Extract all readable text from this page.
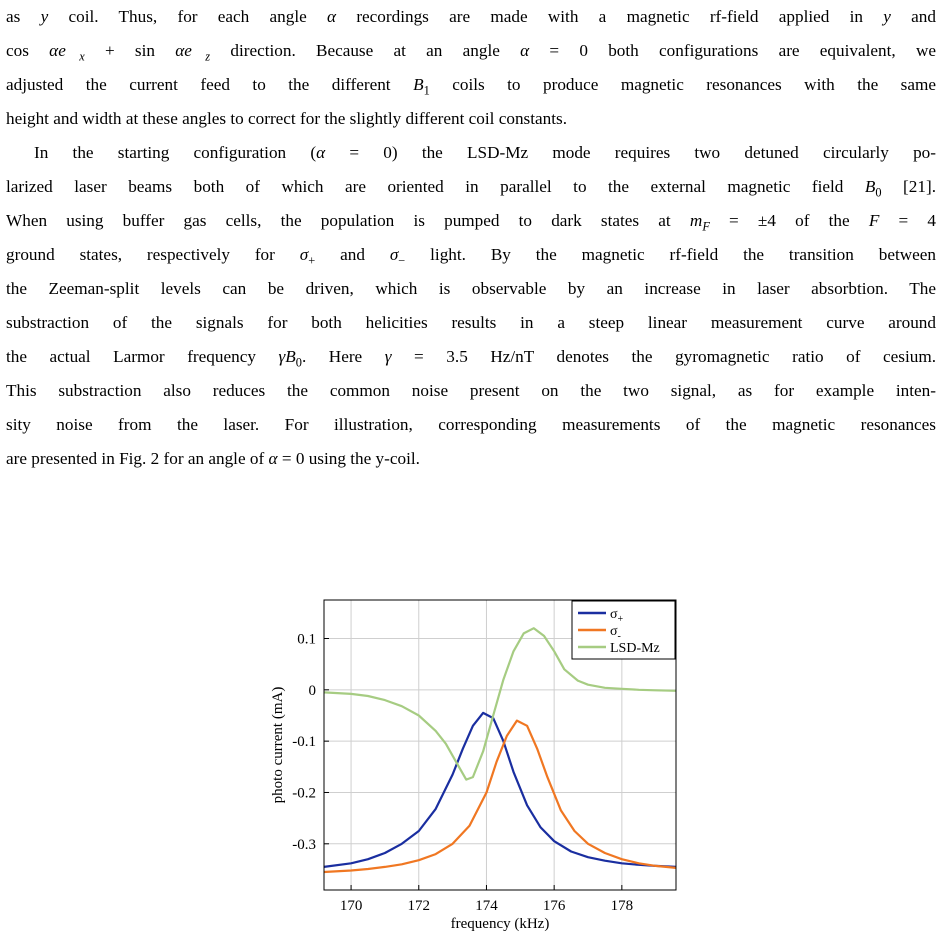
as y coil. Thus, for each angle α recordings are made with a magnetic rf-field applied in y and
$\cos \alpha e⃗_x + \sin$ $\alpha e⃗_z$ direction. Because at an angle α = 0 both configurations are equivalent, we
adjusted the current feed to the different $B_1$ coils to produce magnetic resonances with the same
height and width at these angles to correct for the slightly different coil constants.

In the starting configuration (α = 0) the LSD-Mz mode requires two detuned circularly po-
larized laser beams both of which are oriented in parallel to the external magnetic field $B_0$ [21].
When using buffer gas cells, the population is pumped to dark states at $m_F = \pm 4$ of the F = 4
ground states, respectively for $\sigma_+$ and $\sigma_-$ light. By the magnetic rf-field the transition between
the Zeeman-split levels can be driven, which is observable by an increase in laser absorbtion. The
substraction of the signals for both helicities results in a steep linear measurement curve around
the actual Larmor frequency $\gamma B_0$. Here γ = 3.5 Hz/nT denotes the gyromagnetic ratio of cesium.
This substraction also reduces the common noise present on the two signal, as for example inten-
sity noise from the laser. For illustration, corresponding measurements of the magnetic resonances
are presented in Fig. 2 for an angle of α = 0 using the y-coil.

170	172	174	176	178
0.1
0
-0.1
-0.2
-0.3
frequency (kHz)
photo current (mA)
$\sigma_+$
$\sigma_-$
LSD-Mz
